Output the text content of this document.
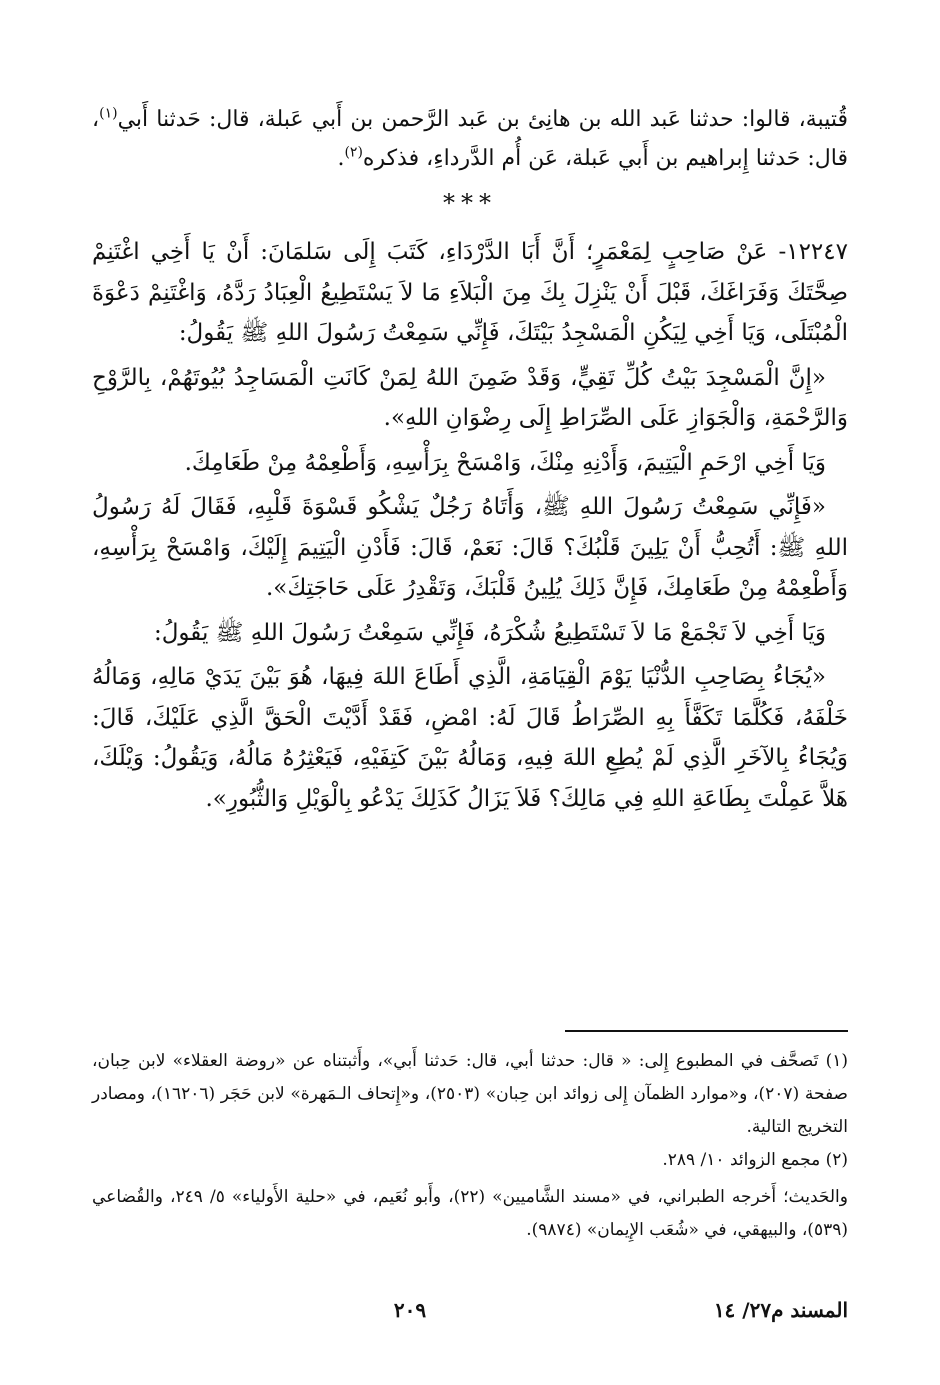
قُتيبة، قالوا: حدثنا عَبد الله بن هانِئ بن عَبد الرَّحمن بن أَبي عَبلة، قال: حَدثنا أَبي$^{(١)}$، قال: حَدثنا إِبراهيم بن أَبي عَبلة، عَن أُم الدَّرداءِ، فذكره$^{(٢)}$.

***

١٢٢٤٧- عَنْ صَاحِبٍ لِمَعْمَرٍ؛ أَنَّ أَبَا الدَّرْدَاءِ، كَتَبَ إِلَى سَلمَانَ: أَنْ يَا أَخِي اغْتَنِمْ صِحَّتَكَ وَفَرَاغَكَ، قَبْلَ أَنْ يَنْزِلَ بِكَ مِنَ الْبَلاَءِ مَا لاَ يَسْتَطِيعُ الْعِبَادُ رَدَّهُ، وَاغْتَنِمْ دَعْوَةَ الْمُبْتَلَى، وَيَا أَخِي لِيَكُنِ الْمَسْجِدُ بَيْتَكَ، فَإِنِّي سَمِعْتُ رَسُولَ اللهِ ﷺ يَقُولُ:

«إِنَّ الْمَسْجِدَ بَيْتُ كُلِّ تَقِيٍّ، وَقَدْ ضَمِنَ اللهُ لِمَنْ كَانَتِ الْمَسَاجِدُ بُيُوتَهُمْ، بِالرَّوْحِ وَالرَّحْمَةِ، وَالْجَوَازِ عَلَى الصِّرَاطِ إِلَى رِضْوَانِ اللهِ».

وَيَا أَخِي ارْحَمِ الْيَتِيمَ، وَأَدْنِهِ مِنْكَ، وَامْسَحْ بِرَأْسِهِ، وَأَطْعِمْهُ مِنْ طَعَامِكَ.

«فَإِنِّي سَمِعْتُ رَسُولَ اللهِ ﷺ، وَأَتَاهُ رَجُلٌ يَشْكُو قَسْوَةَ قَلْبِهِ، فَقَالَ لَهُ رَسُولُ اللهِ ﷺ: أَتُحِبُّ أَنْ يَلِينَ قَلْبُكَ؟ قَالَ: نَعَمْ، قَالَ: فَأَدْنِ الْيَتِيمَ إِلَيْكَ، وَامْسَحْ بِرَأْسِهِ، وَأَطْعِمْهُ مِنْ طَعَامِكَ، فَإِنَّ ذَلِكَ يُلِينُ قَلْبَكَ، وَتَقْدِرُ عَلَى حَاجَتِكَ».

وَيَا أَخِي لاَ تَجْمَعْ مَا لاَ تَسْتَطِيعُ شُكْرَهُ، فَإِنِّي سَمِعْتُ رَسُولَ اللهِ ﷺ يَقُولُ:

«يُجَاءُ بِصَاحِبِ الدُّنْيَا يَوْمَ الْقِيَامَةِ، الَّذِي أَطَاعَ اللهَ فِيهَا، هُوَ بَيْنَ يَدَيْ مَالِهِ، وَمَالُهُ خَلْفَهُ، فَكُلَّمَا تَكَفَّأَ بِهِ الصِّرَاطُ قَالَ لَهُ: امْضِ، فَقَدْ أَدَّيْتَ الْحَقَّ الَّذِي عَلَيْكَ، قَالَ: وَيُجَاءُ بِالآخَرِ الَّذِي لَمْ يُطِعِ اللهَ فِيهِ، وَمَالُهُ بَيْنَ كَتِفَيْهِ، فَيَعْثِرُهُ مَالُهُ، وَيَقُولُ: وَيْلَكَ، هَلاَّ عَمِلْتَ بِطَاعَةِ اللهِ فِي مَالِكَ؟ فَلاَ يَزَالُ كَذَلِكَ يَدْعُو بِالْوَيْلِ وَالثُّبُورِ».

(١) تَصحَّف في المطبوع إِلى: « قال: حدثنا أبي، قال: حَدثنا أَبي»، وأَثبتناه عن «روضة العقلاء» لابن حِبان، صفحة (٢٠٧)، و«موارد الظمآن إِلى زوائد ابن حِبان» (٢٥٠٣)، و«إِتحاف الـمَهرة» لابن حَجَر (١٦٢٠٦)، ومصادر التخريج التالية.

(٢) مجمع الزوائد ١٠/ ٢٨٩.

والحَديث؛ أَخرجه الطبراني، في «مسند الشَّاميين» (٢٢)، وأَبو نُعَيم، في «حلية الأَولياء» ٥/ ٢٤٩، والقُضاعي (٥٣٩)، والبيهقي، في «شُعَب الإِيمان» (٩٨٧٤).

المسند م٢٧/ ١٤
٢٠٩
